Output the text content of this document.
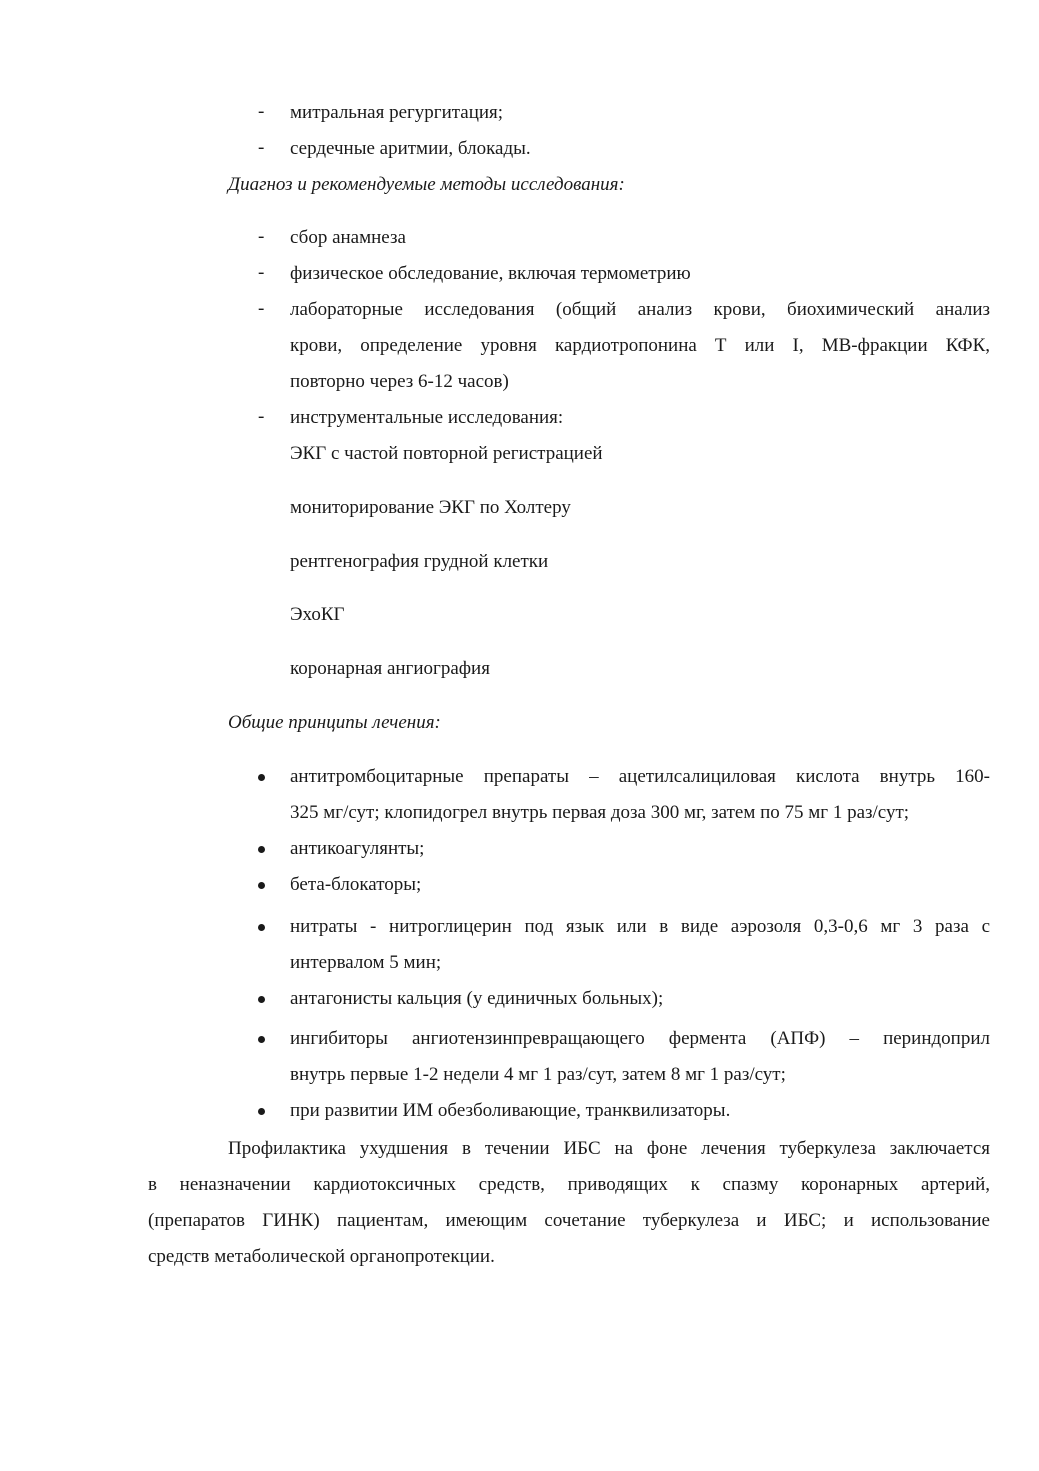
-	митральная регургитация;
-	сердечные аритмии, блокады.
Диагноз и рекомендуемые методы исследования:
-	сбор анамнеза
-	физическое обследование, включая термометрию
-	лабораторные исследования (общий анализ крови, биохимический анализ
крови, определение уровня кардиотропонина Т или I, MB-фракции КФК,
повторно через 6-12 часов)
-	инструментальные исследования:
ЭКГ с частой повторной регистрацией
мониторирование ЭКГ по Холтеру
рентгенография грудной клетки
ЭхоКГ
коронарная ангиография
Общие принципы лечения:
антитромбоцитарные препараты – ацетилсалициловая кислота внутрь 160-
325 мг/сут; клопидогрел внутрь первая доза 300 мг, затем по 75 мг 1 раз/сут;
антикоагулянты;
бета-блокаторы;
нитраты - нитроглицерин под язык или в виде аэрозоля 0,3-0,6 мг 3 раза с
интервалом 5 мин;
антагонисты кальция (у единичных больных);
ингибиторы ангиотензинпревращающего фермента (АПФ) – периндоприл
внутрь первые 1-2 недели 4 мг 1 раз/сут, затем 8 мг 1 раз/сут;
при развитии ИМ обезболивающие, транквилизаторы.
Профилактика ухудшения в течении ИБС на фоне лечения туберкулеза заключается
в неназначении кардиотоксичных средств, приводящих к спазму коронарных артерий,
(препаратов ГИНК) пациентам, имеющим сочетание туберкулеза и ИБС; и использование
средств метаболической органопротекции.
